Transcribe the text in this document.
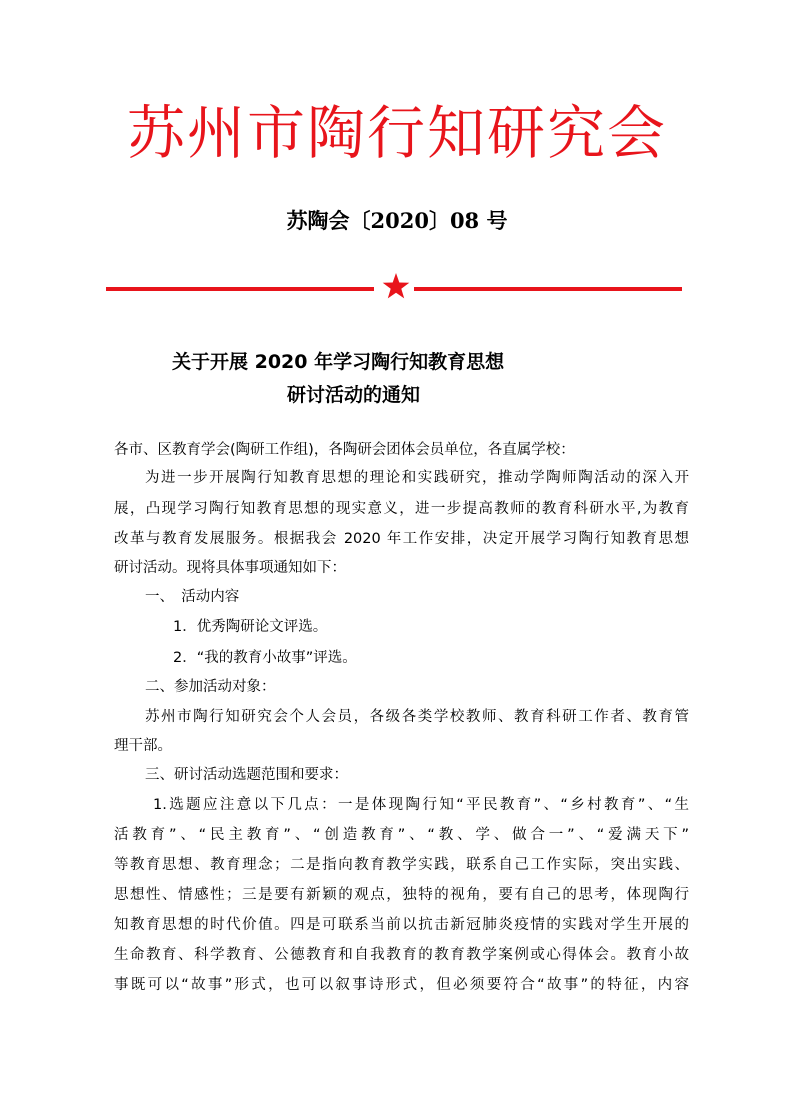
苏州市陶行知研究会
苏陶会〔2020〕08 号
关于开展 2020 年学习陶行知教育思想
研讨活动的通知
各市、区教育学会(陶研工作组)，各陶研会团体会员单位，各直属学校：
为进一步开展陶行知教育思想的理论和实践研究，推动学陶师陶活动的深入开
展，凸现学习陶行知教育思想的现实意义，进一步提高教师的教育科研水平,为教育
改革与教育发展服务。根据我会 2020 年工作安排，决定开展学习陶行知教育思想
研讨活动。现将具体事项通知如下：
一、　活动内容
1．优秀陶研论文评选。
2．“我的教育小故事”评选。
二、参加活动对象：
苏州市陶行知研究会个人会员，各级各类学校教师、教育科研工作者、教育管
理干部。
三、研讨活动选题范围和要求：
1.选题应注意以下几点：一是体现陶行知“平民教育”、“乡村教育”、“生
活教育”、“民主教育”、“创造教育”、“教、学、做合一”、“爱满天下”
等教育思想、教育理念；二是指向教育教学实践，联系自己工作实际，突出实践、
思想性、情感性；三是要有新颖的观点，独特的视角，要有自己的思考，体现陶行
知教育思想的时代价值。四是可联系当前以抗击新冠肺炎疫情的实践对学生开展的
生命教育、科学教育、公德教育和自我教育的教育教学案例或心得体会。教育小故
事既可以“故事”形式，也可以叙事诗形式，但必须要符合“故事”的特征，内容
